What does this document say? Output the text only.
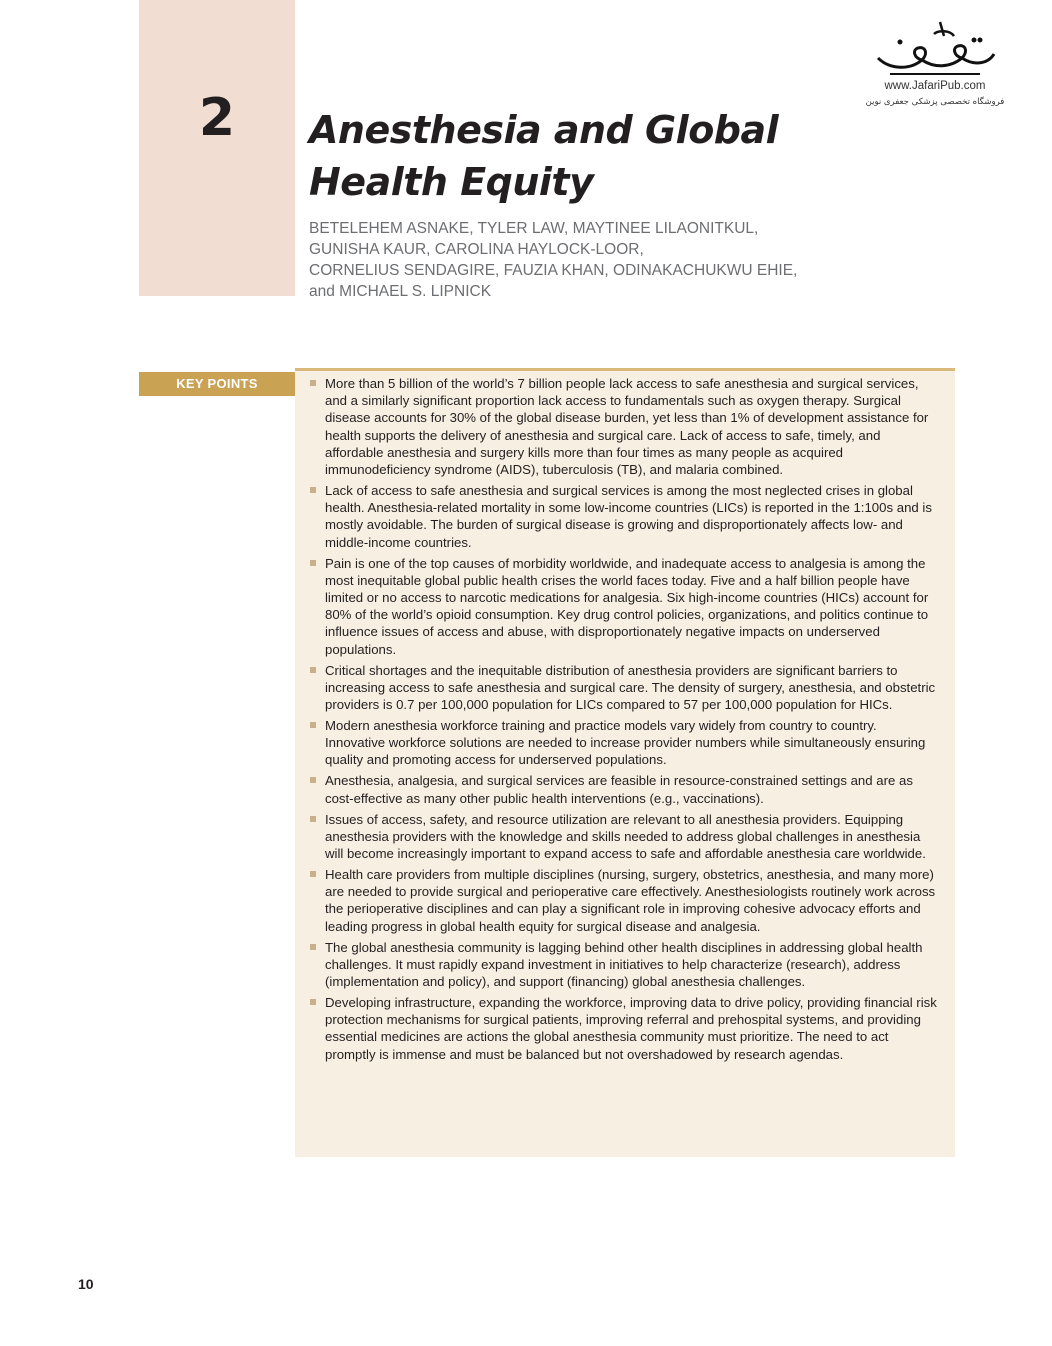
2	Anesthesia and Global
Health Equity
BETELEHEM ASNAKE, TYLER LAW, MAYTINEE LILAONITKUL,
GUNISHA KAUR, CAROLINA HAYLOCK-LOOR,
CORNELIUS SENDAGIRE, FAUZIA KHAN, ODINAKACHUKWU EHIE,
and MICHAEL S. LIPNICK
www.JafariPub.com
فروشگاه تخصصی پزشکی جعفری نوین
KEY POINTS	More than 5 billion of the world’s 7 billion people lack access to safe anesthesia and surgical services, and a similarly significant proportion lack access to fundamentals such as oxygen therapy. Surgical disease accounts for 30% of the global disease burden, yet less than 1% of development assistance for health supports the delivery of anesthesia and surgical care. Lack of access to safe, timely, and affordable anesthesia and surgery kills more than four times as many people as acquired immunodeficiency syndrome (AIDS), tuberculosis (TB), and malaria combined.
Lack of access to safe anesthesia and surgical services is among the most neglected crises in global health. Anesthesia-related mortality in some low-income countries (LICs) is reported in the 1:100s and is mostly avoidable. The burden of surgical disease is growing and disproportionately affects low- and middle-income countries.
Pain is one of the top causes of morbidity worldwide, and inadequate access to analgesia is among the most inequitable global public health crises the world faces today. Five and a half billion people have limited or no access to narcotic medications for analgesia. Six high-income countries (HICs) account for 80% of the world’s opioid consumption. Key drug control policies, organizations, and politics continue to influence issues of access and abuse, with disproportionately negative impacts on underserved populations.
Critical shortages and the inequitable distribution of anesthesia providers are significant barriers to increasing access to safe anesthesia and surgical care. The density of surgery, anesthesia, and obstetric providers is 0.7 per 100,000 population for LICs compared to 57 per 100,000 population for HICs.
Modern anesthesia workforce training and practice models vary widely from country to country. Innovative workforce solutions are needed to increase provider numbers while simultaneously ensuring quality and promoting access for underserved populations.
Anesthesia, analgesia, and surgical services are feasible in resource-constrained settings and are as cost-effective as many other public health interventions (e.g., vaccinations).
Issues of access, safety, and resource utilization are relevant to all anesthesia providers. Equipping anesthesia providers with the knowledge and skills needed to address global challenges in anesthesia will become increasingly important to expand access to safe and affordable anesthesia care worldwide.
Health care providers from multiple disciplines (nursing, surgery, obstetrics, anesthesia, and many more) are needed to provide surgical and perioperative care effectively. Anesthesiologists routinely work across the perioperative disciplines and can play a significant role in improving cohesive advocacy efforts and leading progress in global health equity for surgical disease and analgesia.
The global anesthesia community is lagging behind other health disciplines in addressing global health challenges. It must rapidly expand investment in initiatives to help characterize (research), address (implementation and policy), and support (financing) global anesthesia challenges.
Developing infrastructure, expanding the workforce, improving data to drive policy, providing financial risk protection mechanisms for surgical patients, improving referral and prehospital systems, and providing essential medicines are actions the global anesthesia community must prioritize. The need to act promptly is immense and must be balanced but not overshadowed by research agendas.
10
